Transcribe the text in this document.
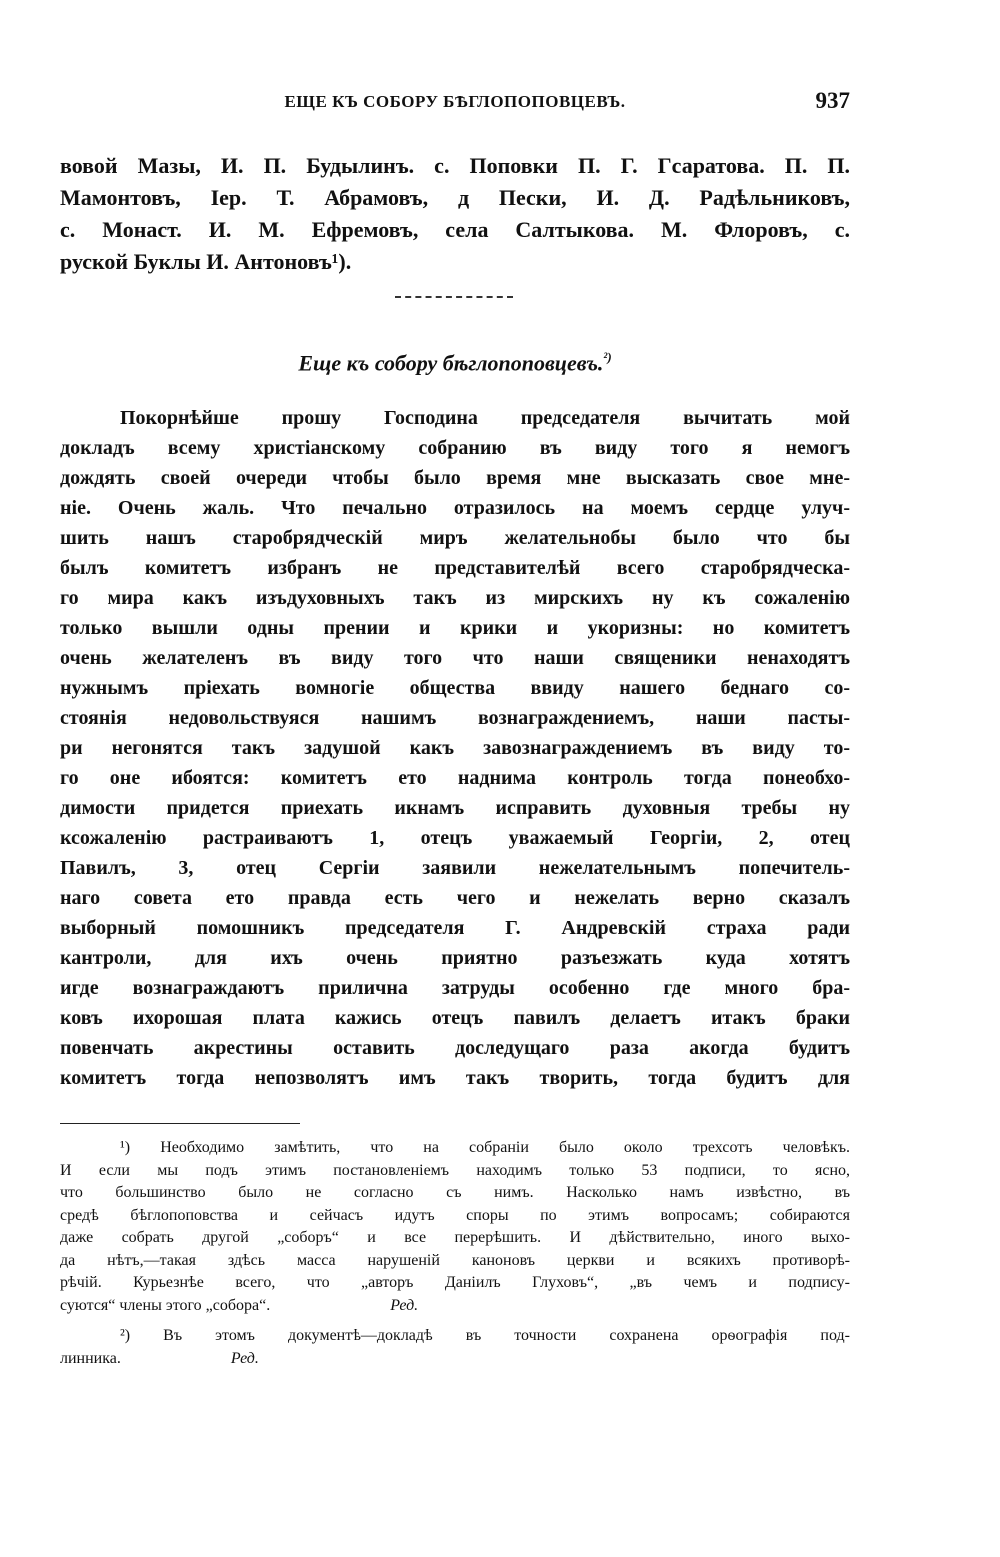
ЕЩЕ КЪ СОБОРУ БѢГЛОПОПОВЦЕВЪ.	937
вовой Мазы, И. П. Будылинъ. с. Поповки П. Г. Гсаратова. П. П.
Мамонтовъ, Іер. Т. Абрамовъ, д Пески, И. Д. Радѣльниковъ,
с. Монаст. И. М. Ефремовъ, села Салтыкова. М. Флоровъ, с.
руской Буклы И. Антоновъ¹).
Еще къ собору бѣглопоповцевъ.$^{^2)}$
Покорнѣйше прошу Господина председателя вычитать мой
докладъ всему христіанскому собранию въ виду того я немогъ
дождять своей очереди чтобы было время мне высказать свое мне-
ніе. Очень жаль. Что печально отразилось на моемъ сердце улуч-
шить нашъ старобрядческій миръ желательнобы было что бы
былъ комитетъ избранъ не представителѣй всего старобрядческа-
го мира какъ изъдуховныхъ такъ из мирскихъ ну къ сожаленію
только вышли одны прении и крики и укоризны: но комитетъ
очень желателенъ въ виду того что наши священики ненаходятъ
нужнымъ пріехать вомногіе общества ввиду нашего беднаго со-
стоянія недовольствуяся нашимъ вознаграждениемъ, наши пасты-
ри негонятся такъ задушой какъ завознаграждениемъ въ виду то-
го оне ибоятся: комитетъ ето наднима контроль тогда понеобхо-
димости придется приехать икнамъ исправить духовныя требы ну
ксожаленію растраиваютъ 1, отецъ уважаемый Георгіи, 2, отец
Павилъ, 3, отец Сергіи заявили нежелательнымъ попечитель-
наго совета ето правда есть чего и нежелать верно сказалъ
выборный помошникъ председателя Г. Андревскій страха ради
кантроли, для ихъ очень приятно разъезжать куда хотятъ
игде вознаграждаютъ прилична затруды особенно где много бра-
ковъ ихорошая плата кажись отецъ павилъ делаетъ итакъ браки
повенчать акрестины оставить доследущаго раза акогда будитъ
комитетъ тогда непозволятъ имъ такъ творить, тогда будитъ для
¹) Необходимо замѣтить, что на собраніи было около трехсотъ человѣкъ.
И если мы подъ этимъ постановленіемъ находимъ только 53 подписи, то ясно,
что большинство было не согласно съ нимъ. Насколько намъ извѣстно, въ
средѣ бѣглопоповства и сейчасъ идутъ споры по этимъ вопросамъ; собираются
даже собрать другой „соборъ“ и все перерѣшить. И дѣйствительно, иного выхо-
да нѣтъ,—такая здѣсь масса нарушеній каноновъ церкви и всякихъ противорѣ-
рѣчій. Курьезнѣе всего, что „авторъ Даніилъ Глуховъ“, „въ чемъ и подпису-
суются“ члены этого „собора“.	Ред.
²) Въ этомъ документѣ—докладѣ въ точности сохранена орѳографія под-
линника.	Ред.
